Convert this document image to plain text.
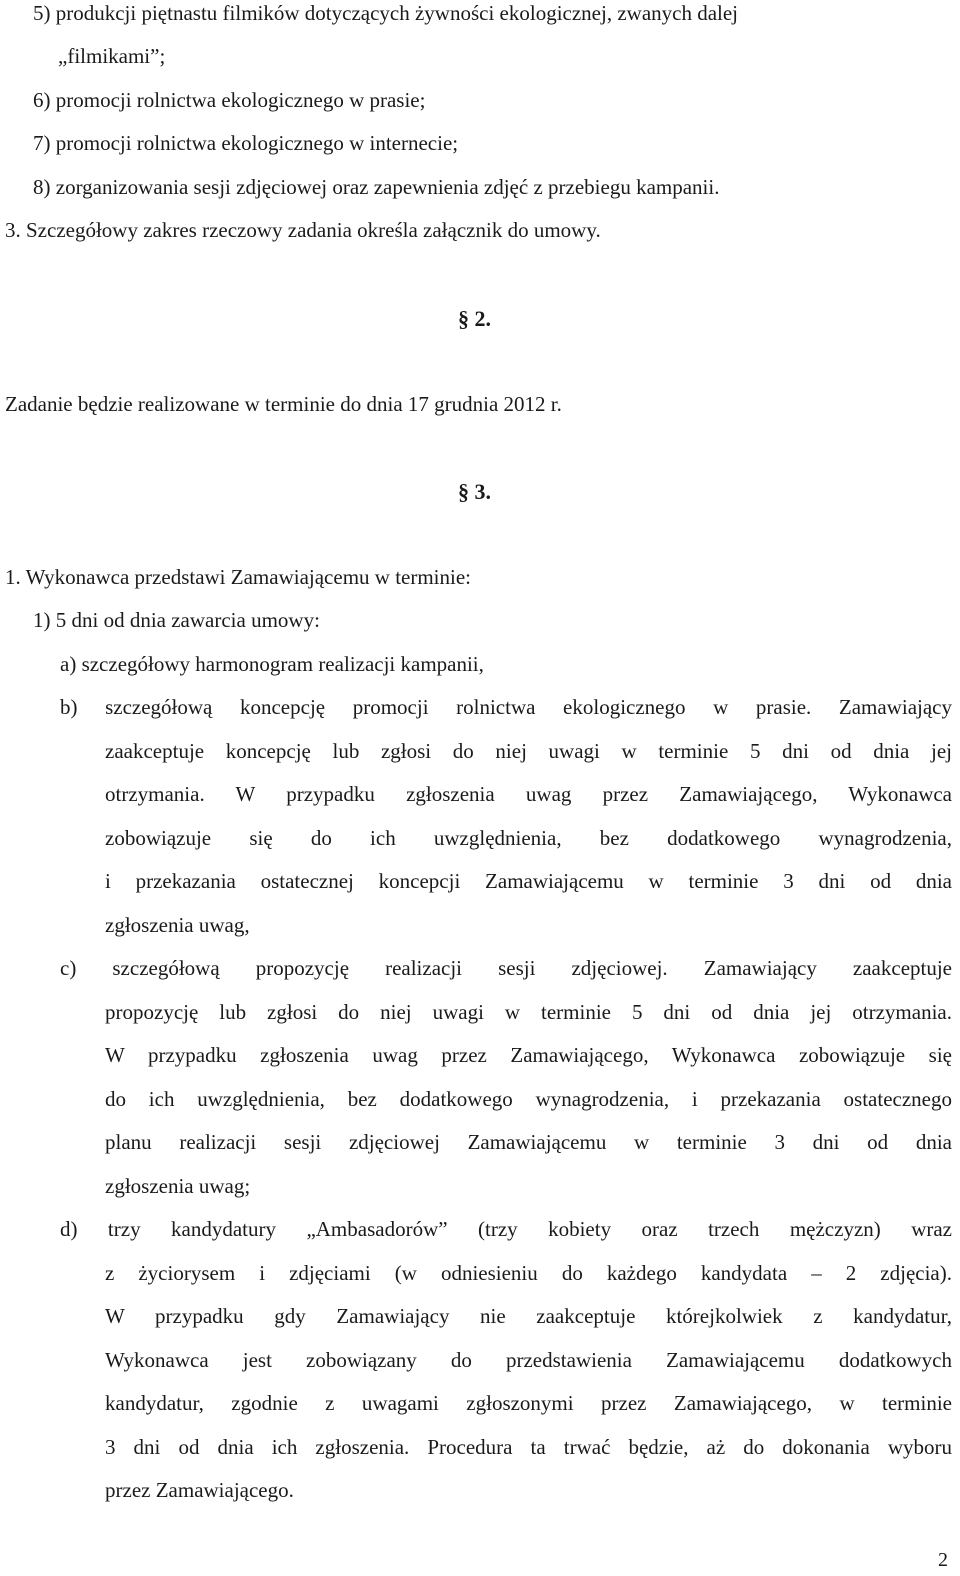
5) produkcji piętnastu filmików dotyczących żywności ekologicznej, zwanych dalej
„filmikami”;
6) promocji rolnictwa ekologicznego w prasie;
7) promocji rolnictwa ekologicznego w internecie;
8) zorganizowania sesji zdjęciowej oraz zapewnienia zdjęć z przebiegu kampanii.
3. Szczegółowy zakres rzeczowy zadania określa załącznik do umowy.
§ 2.
Zadanie będzie realizowane w terminie do dnia 17 grudnia 2012 r.
§ 3.
1. Wykonawca przedstawi Zamawiającemu w terminie:
1) 5 dni od dnia zawarcia umowy:
a) szczegółowy harmonogram realizacji kampanii,
b) szczegółową koncepcję promocji rolnictwa ekologicznego w prasie. Zamawiający
zaakceptuje koncepcję lub zgłosi do niej uwagi w terminie 5 dni od dnia jej
otrzymania. W przypadku zgłoszenia uwag przez Zamawiającego, Wykonawca
zobowiązuje się do ich uwzględnienia, bez dodatkowego wynagrodzenia,
i przekazania ostatecznej koncepcji Zamawiającemu w terminie 3 dni od dnia
zgłoszenia uwag,
c) szczegółową propozycję realizacji sesji zdjęciowej. Zamawiający zaakceptuje
propozycję lub zgłosi do niej uwagi w terminie 5 dni od dnia jej otrzymania.
W przypadku zgłoszenia uwag przez Zamawiającego, Wykonawca zobowiązuje się
do ich uwzględnienia, bez dodatkowego wynagrodzenia, i przekazania ostatecznego
planu realizacji sesji zdjęciowej Zamawiającemu w terminie 3 dni od dnia
zgłoszenia uwag;
d) trzy kandydatury „Ambasadorów” (trzy kobiety oraz trzech mężczyzn) wraz
z życiorysem i zdjęciami (w odniesieniu do każdego kandydata – 2 zdjęcia).
W przypadku gdy Zamawiający nie zaakceptuje którejkolwiek z kandydatur,
Wykonawca jest zobowiązany do przedstawienia Zamawiającemu dodatkowych
kandydatur, zgodnie z uwagami zgłoszonymi przez Zamawiającego, w terminie
3 dni od dnia ich zgłoszenia. Procedura ta trwać będzie, aż do dokonania wyboru
przez Zamawiającego.
2
